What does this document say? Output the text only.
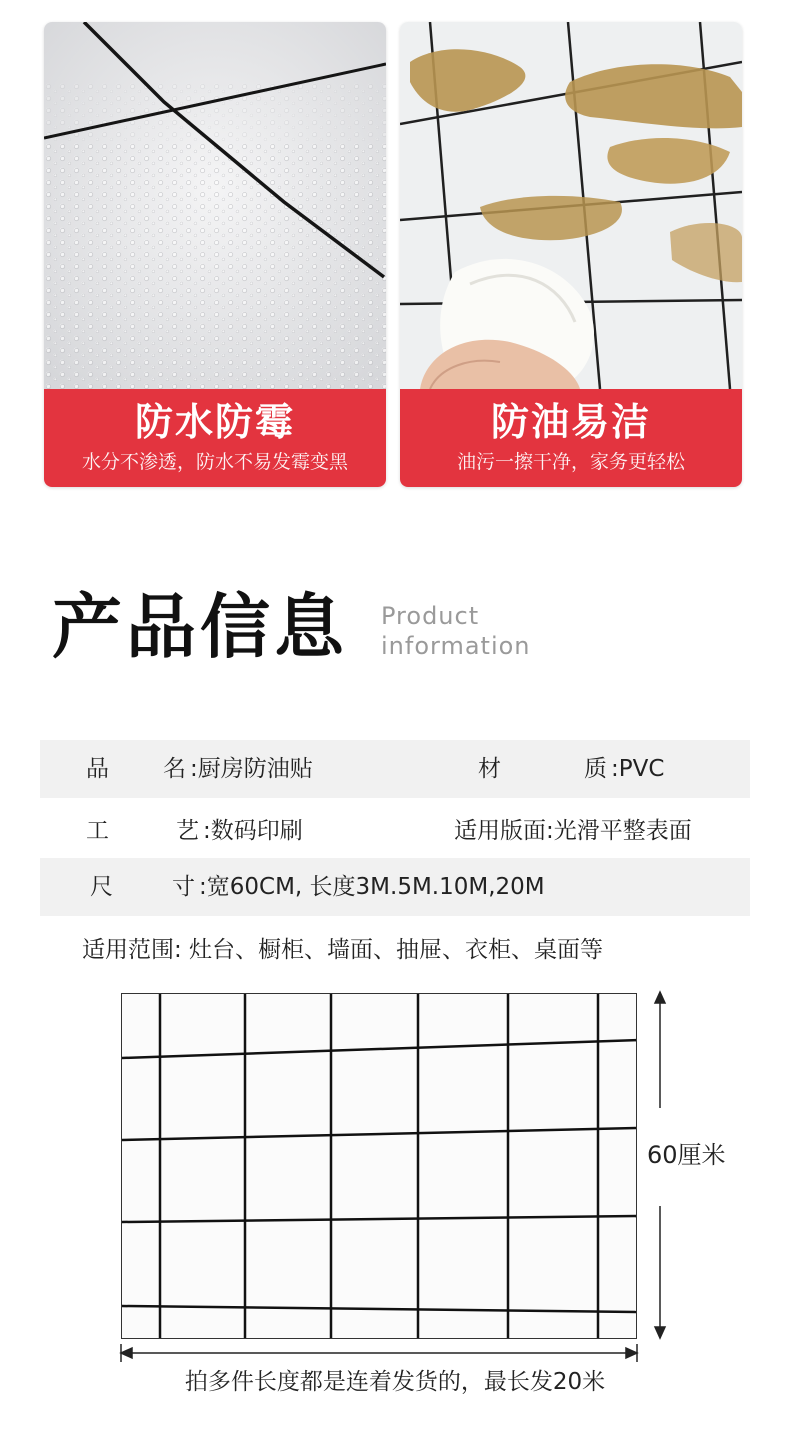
防水防霉
水分不渗透，防水不易发霉变黑
防油易洁
油污一擦干净，家务更轻松
产品信息 Product
information
品 名 :厨房防油贴	材	质 :PVC
工	艺 :数码印刷	适用版面 :光滑平整表面
尺	寸 :宽60CM, 长度3M.5M.10M,20M
适用范围: 灶台、橱柜、墙面、抽屉、衣柜、桌面等
60厘米
拍多件长度都是连着发货的，最长发20米
